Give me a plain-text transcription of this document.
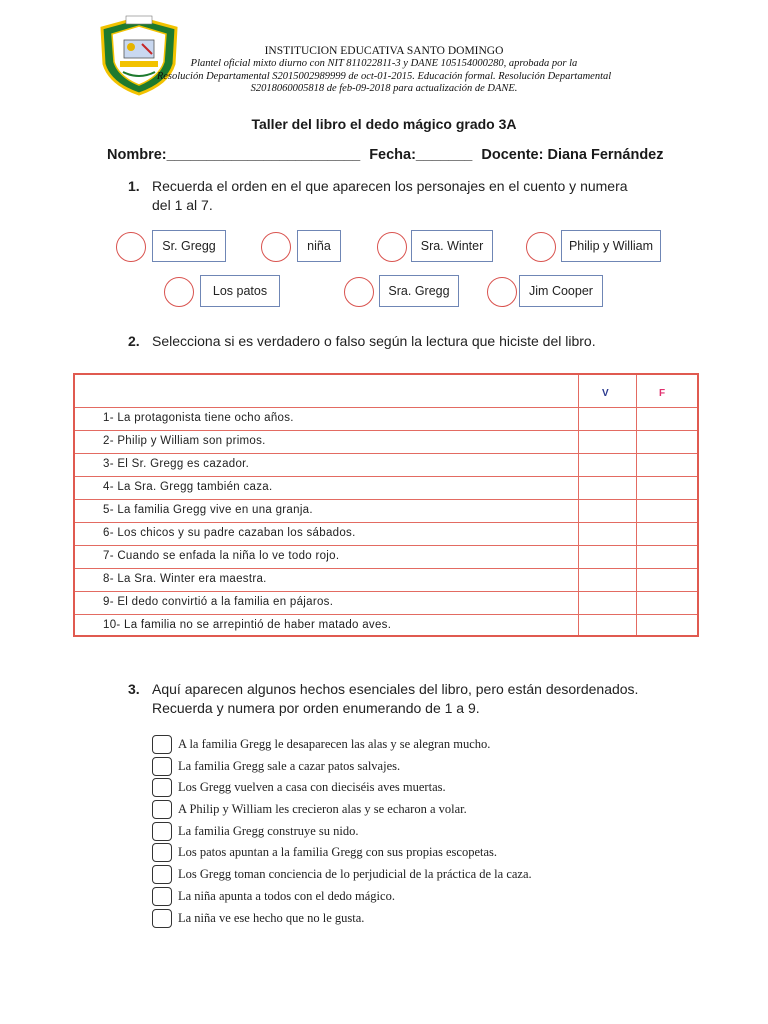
INSTITUCION EDUCATIVA SANTO DOMINGO
Plantel oficial mixto diurno con NIT 811022811-3 y DANE 105154000280, aprobada por la
Resolución Departamental S2015002989999 de oct-01-2015. Educación formal. Resolución Departamental
S2018060005818 de feb-09-2018 para actualización de DANE.
Taller del libro el dedo mágico grado 3A
Nombre:________________________ Fecha:_______ Docente: Diana Fernández
1. Recuerda el orden en el que aparecen los personajes en el cuento y numera del 1 al 7.
Sr. Gregg	niña	Sra. Winter	Philip y William
Los patos	Sra. Gregg	Jim Cooper
2. Selecciona si es verdadero o falso según la lectura que hiciste del libro.
V	F
1- La protagonista tiene ocho años.
2- Philip y William son primos.
3- El Sr. Gregg es cazador.
4- La Sra. Gregg también caza.
5- La familia Gregg vive en una granja.
6- Los chicos y su padre cazaban los sábados.
7- Cuando se enfada la niña lo ve todo rojo.
8- La Sra. Winter era maestra.
9- El dedo convirtió a la familia en pájaros.
10- La familia no se arrepintió de haber matado aves.
3. Aquí aparecen algunos hechos esenciales del libro, pero están desordenados. Recuerda y numera por orden enumerando de 1 a 9.
A la familia Gregg le desaparecen las alas y se alegran mucho.
La familia Gregg sale a cazar patos salvajes.
Los Gregg vuelven a casa con dieciséis aves muertas.
A Philip y William les crecieron alas y se echaron a volar.
La familia Gregg construye su nido.
Los patos apuntan a la familia Gregg con sus propias escopetas.
Los Gregg toman conciencia de lo perjudicial de la práctica de la caza.
La niña apunta a todos con el dedo mágico.
La niña ve ese hecho que no le gusta.
